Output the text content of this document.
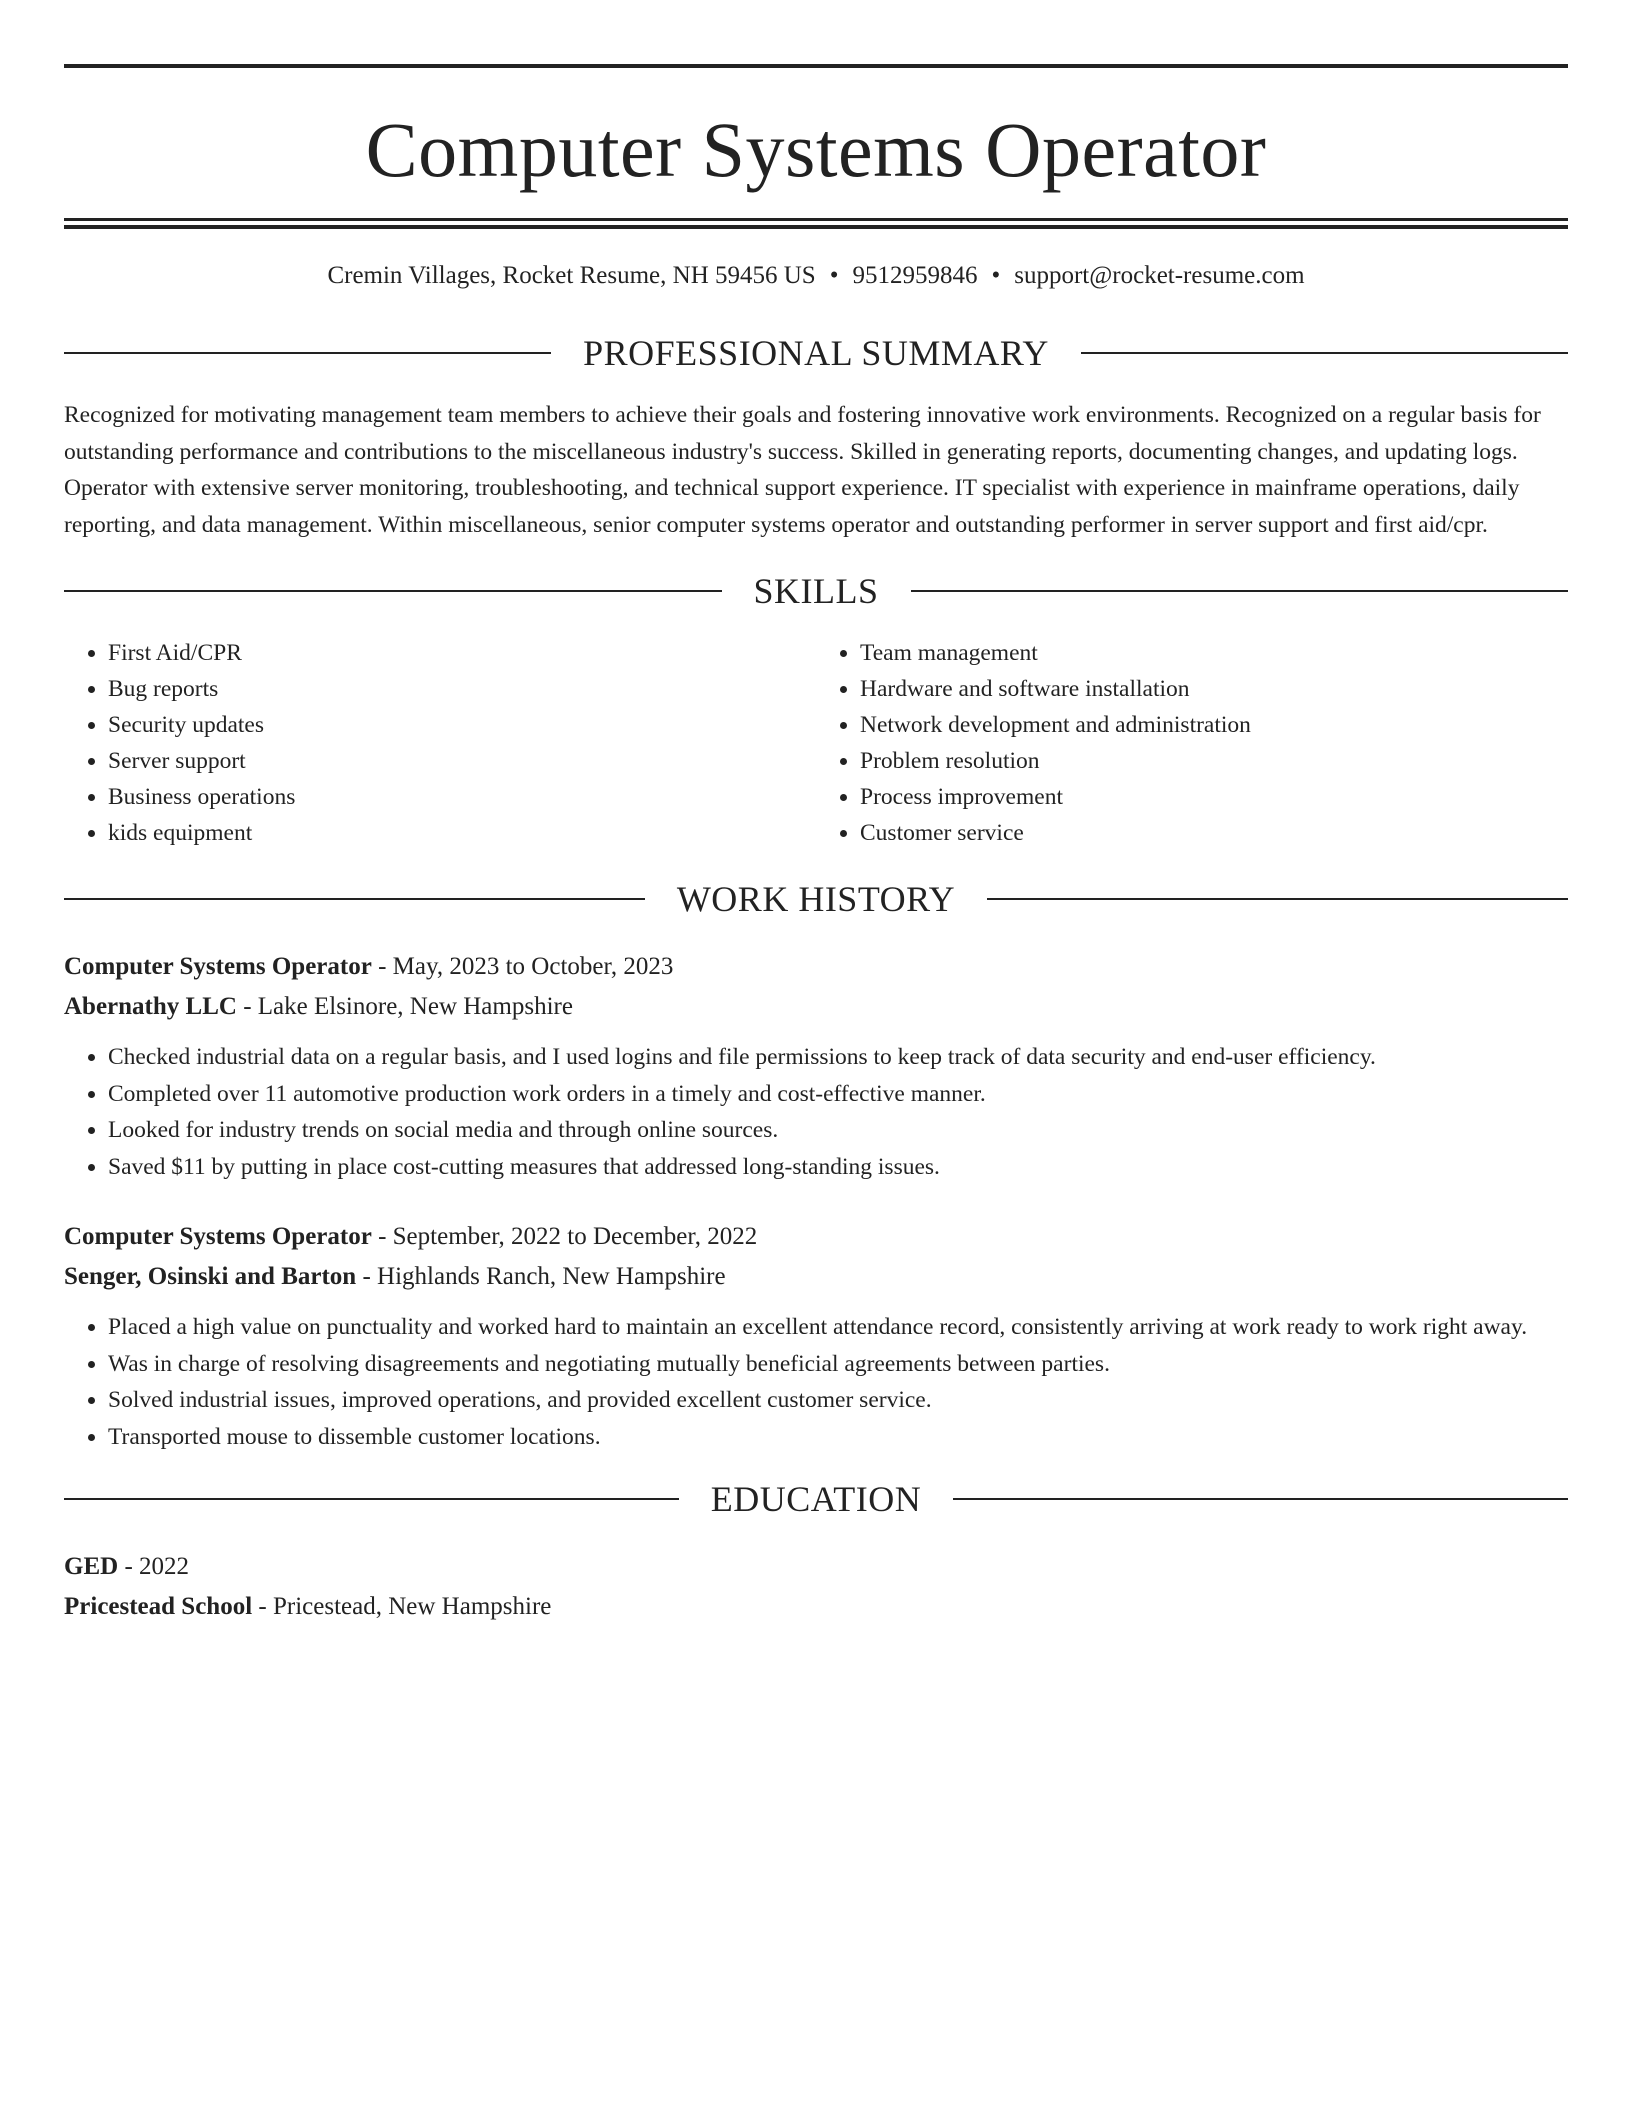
Computer Systems Operator
Cremin Villages, Rocket Resume, NH 59456 US • 9512959846 • support@rocket-resume.com
PROFESSIONAL SUMMARY

Recognized for motivating management team members to achieve their goals and fostering innovative work environments. Recognized on a regular basis for outstanding performance and contributions to the miscellaneous industry's success. Skilled in generating reports, documenting changes, and updating logs. Operator with extensive server monitoring, troubleshooting, and technical support experience. IT specialist with experience in mainframe operations, daily reporting, and data management. Within miscellaneous, senior computer systems operator and outstanding performer in server support and first aid/cpr.

SKILLS
• First Aid/CPR
• Bug reports
• Security updates
• Server support
• Business operations
• kids equipment
• Team management
• Hardware and software installation
• Network development and administration
• Problem resolution
• Process improvement
• Customer service
WORK HISTORY
Computer Systems Operator - May, 2023 to October, 2023
Abernathy LLC - Lake Elsinore, New Hampshire
• Checked industrial data on a regular basis, and I used logins and file permissions to keep track of data security and end-user efficiency.
• Completed over 11 automotive production work orders in a timely and cost-effective manner.
• Looked for industry trends on social media and through online sources.
• Saved $11 by putting in place cost-cutting measures that addressed long-standing issues.
Computer Systems Operator - September, 2022 to December, 2022
Senger, Osinski and Barton - Highlands Ranch, New Hampshire
• Placed a high value on punctuality and worked hard to maintain an excellent attendance record, consistently arriving at work ready to work right away.
• Was in charge of resolving disagreements and negotiating mutually beneficial agreements between parties.
• Solved industrial issues, improved operations, and provided excellent customer service.
• Transported mouse to dissemble customer locations.
EDUCATION
GED - 2022
Pricestead School - Pricestead, New Hampshire
